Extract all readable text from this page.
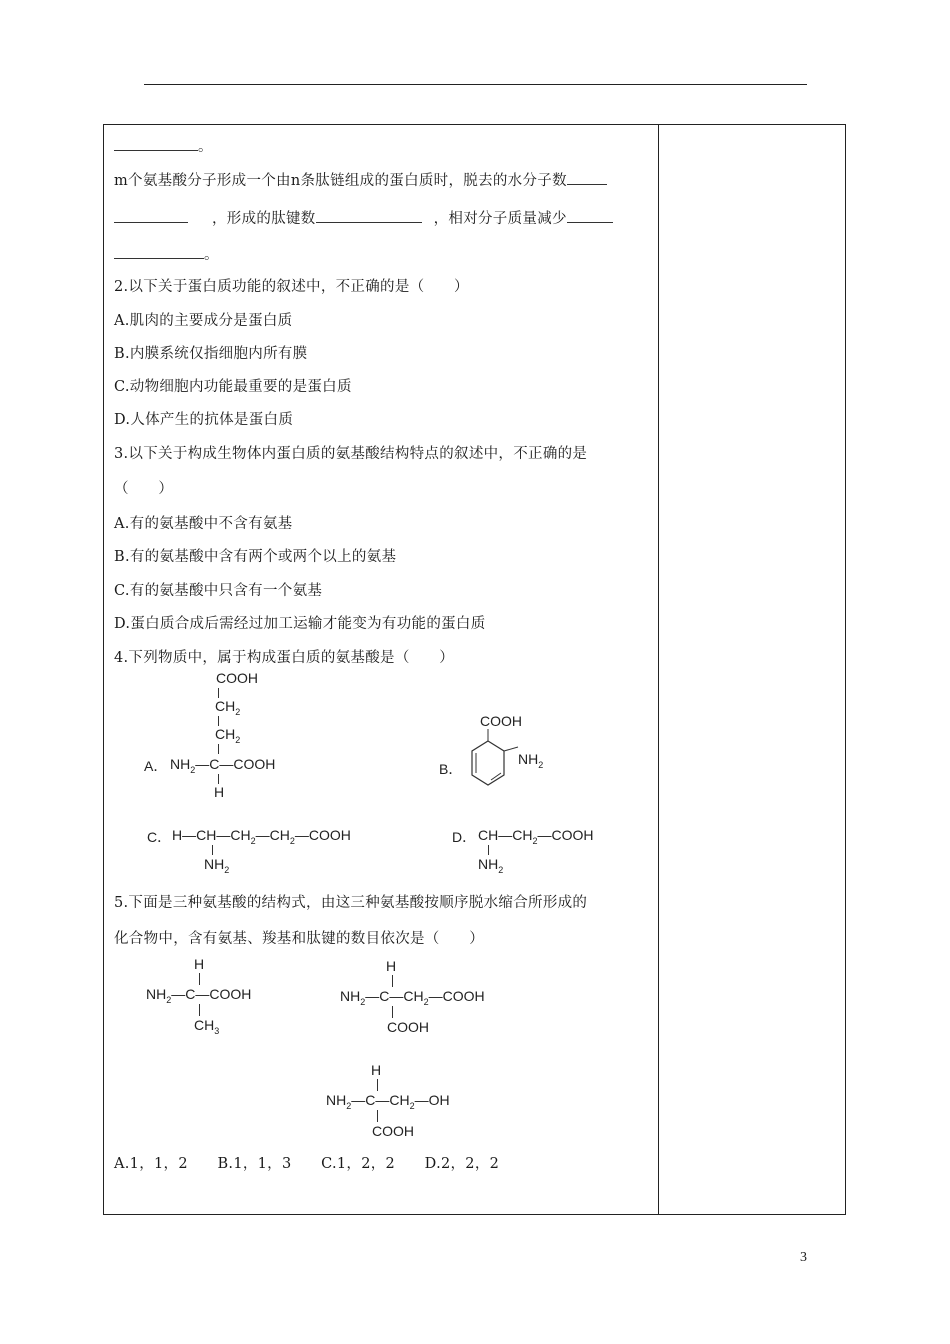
。
m个氨基酸分子形成一个由n条肽链组成的蛋白质时，脱去的水分子数
，形成的肽键数	，相对分子质量减少
。
2.以下关于蛋白质功能的叙述中，不正确的是（　　）
A.肌肉的主要成分是蛋白质
B.内膜系统仅指细胞内所有膜
C.动物细胞内功能最重要的是蛋白质
D.人体产生的抗体是蛋白质
3.以下关于构成生物体内蛋白质的氨基酸结构特点的叙述中，不正确的是
（　　）
A.有的氨基酸中不含有氨基
B.有的氨基酸中含有两个或两个以上的氨基
C.有的氨基酸中只含有一个氨基
D.蛋白质合成后需经过加工运输才能变为有功能的蛋白质
4.下列物质中，属于构成蛋白质的氨基酸是（　　）
COOH
$CH_2$
$CH_2$
A． $NH_2—C—COOH$
H
COOH
B．
$NH_2$
C． $H—CH—CH_2—CH_2—COOH$
$NH_2$
D． $CH—CH_2—COOH$
$NH_2$
5.下面是三种氨基酸的结构式，由这三种氨基酸按顺序脱水缩合所形成的
化合物中，含有氨基、羧基和肽键的数目依次是（　　）
H
$NH_2—C—COOH$
$CH_3$
H
$NH_2—C—CH_2—COOH$
COOH
H
$NH_2—C—CH_2—OH$
COOH
A.1，1，2　　B.1，1，3　　C.1，2，2　　D.2，2，2
3
